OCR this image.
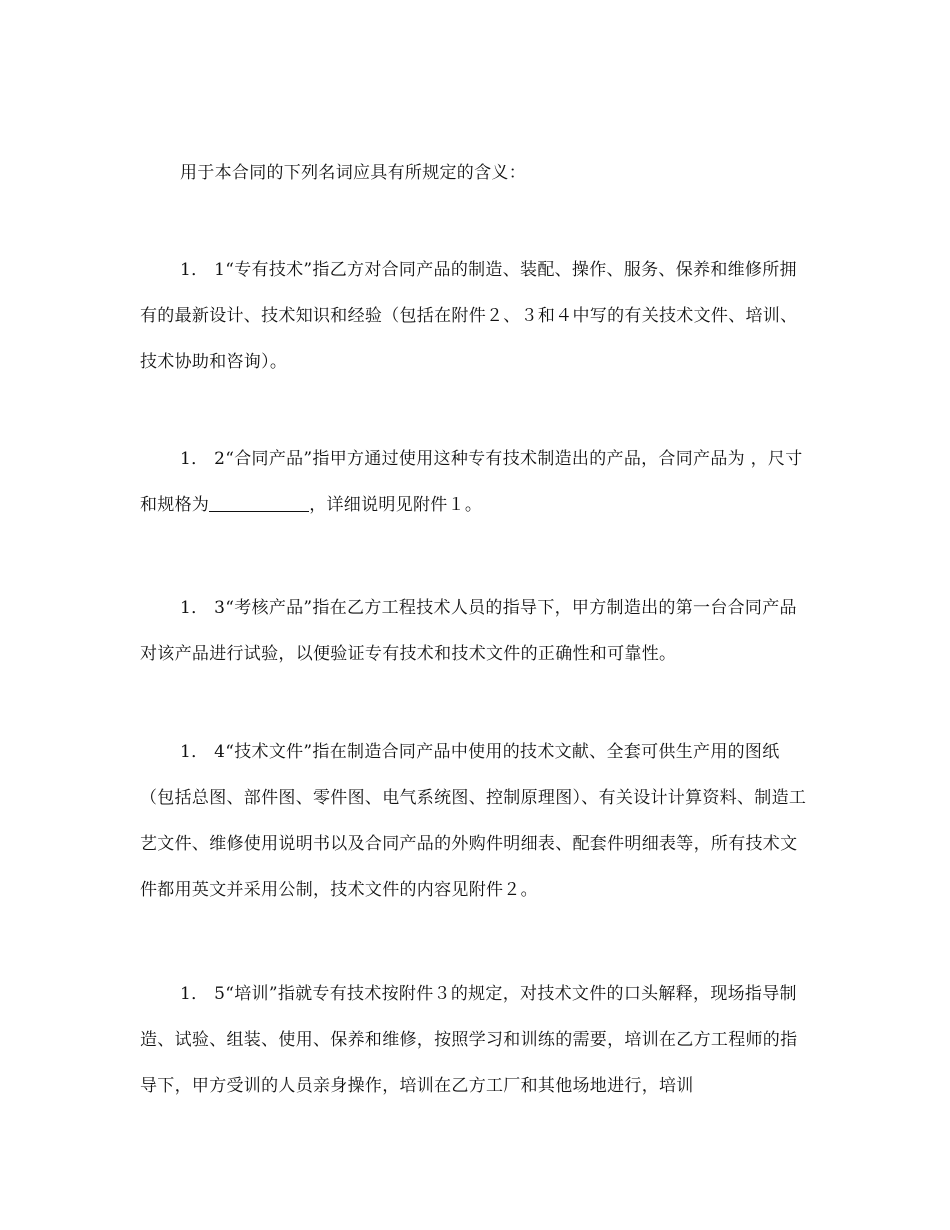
用于本合同的下列名词应具有所规定的含义：

1． 1“专有技术”指乙方对合同产品的制造、装配、操作、服务、保养和维修所拥有的最新设计、技术知识和经验（包括在附件２、３和４中写的有关技术文件、培训、技术协助和咨询）。

1． 2“合同产品”指甲方通过使用这种专有技术制造出的产品，合同产品为 ，尺寸和规格为	，详细说明见附件１。

1． 3“考核产品”指在乙方工程技术人员的指导下，甲方制造出的第一台合同产品对该产品进行试验，以便验证专有技术和技术文件的正确性和可靠性。

1． 4“技术文件”指在制造合同产品中使用的技术文献、全套可供生产用的图纸（包括总图、部件图、零件图、电气系统图、控制原理图）、有关设计计算资料、制造工艺文件、维修使用说明书以及合同产品的外购件明细表、配套件明细表等，所有技术文件都用英文并采用公制，技术文件的内容见附件２。

1． 5“培训”指就专有技术按附件３的规定，对技术文件的口头解释，现场指导制造、试验、组装、使用、保养和维修，按照学习和训练的需要，培训在乙方工程师的指导下，甲方受训的人员亲身操作，培训在乙方工厂和其他场地进行，培训
